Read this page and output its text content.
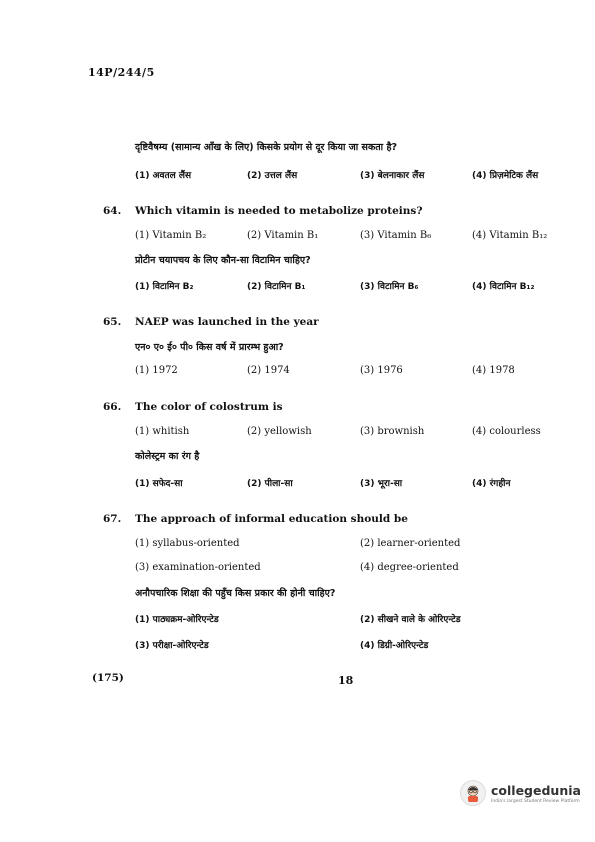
14P/244/5
दृष्टिवैषम्य (सामान्य आँख के लिए) किसके प्रयोग से दूर किया जा सकता है?
(1) अवतल लैंस	(2) उत्तल लैंस	(3) बेलनाकार लैंस	(4) प्रिज़मेटिक लैंस
64. Which vitamin is needed to metabolize proteins?
(1) Vitamin B₂	(2) Vitamin B₁	(3) Vitamin B₆	(4) Vitamin B₁₂
प्रोटीन चयापचय के लिए कौन-सा विटामिन चाहिए?
(1) विटामिन B₂	(2) विटामिन B₁	(3) विटामिन B₆	(4) विटामिन B₁₂
65. NAEP was launched in the year
एन० ए० ई० पी० किस वर्ष में प्रारम्भ हुआ?
(1) 1972	(2) 1974	(3) 1976	(4) 1978
66. The color of colostrum is
(1) whitish	(2) yellowish	(3) brownish	(4) colourless
कोलेस्ट्रम का रंग है
(1) सफेद-सा	(2) पीला-सा	(3) भूरा-सा	(4) रंगहीन
67. The approach of informal education should be
(1) syllabus-oriented	(2) learner-oriented
(3) examination-oriented	(4) degree-oriented
अनौपचारिक शिक्षा की पहुँच किस प्रकार की होनी चाहिए?
(1) पाठ्यक्रम-ओरिएन्टेड	(2) सीखने वाले के ओरिएन्टेड
(3) परीक्षा-ओरिएन्टेड	(4) डिग्री-ओरिएन्टेड
(175)	18
collegedunia
India's largest Student Review Platform
